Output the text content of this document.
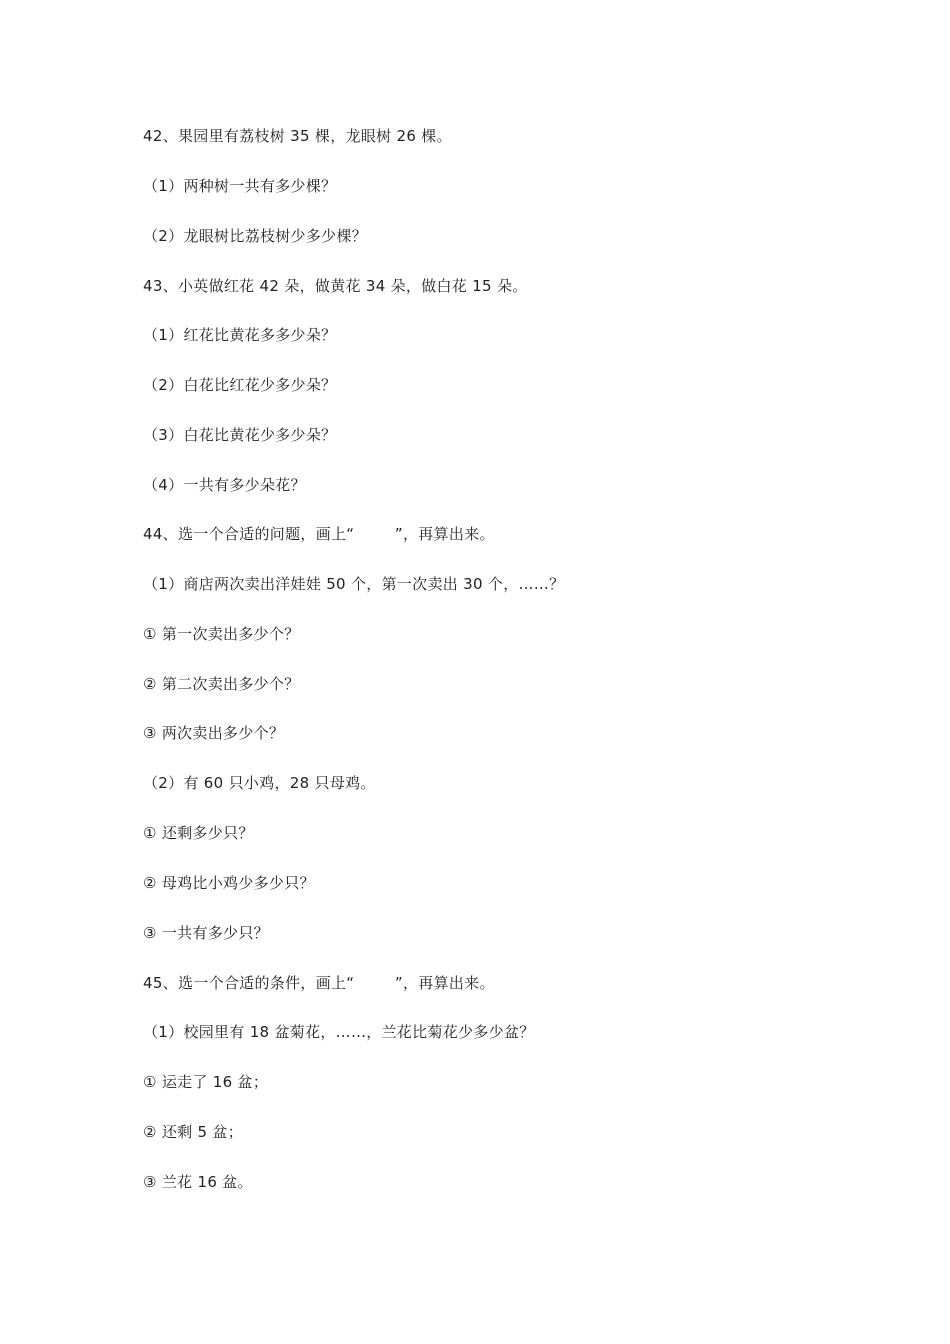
42、果园里有荔枝树 35 棵，龙眼树 26 棵。
（1）两种树一共有多少棵？
（2）龙眼树比荔枝树少多少棵？
43、小英做红花 42 朵，做黄花 34 朵，做白花 15 朵。
（1）红花比黄花多多少朵？
（2）白花比红花少多少朵？
（3）白花比黄花少多少朵？
（4）一共有多少朵花？
44、选一个合适的问题，画上“        ”，再算出来。
（1）商店两次卖出洋娃娃 50 个，第一次卖出 30 个，……？
① 第一次卖出多少个？
② 第二次卖出多少个？
③ 两次卖出多少个？
（2）有 60 只小鸡，28 只母鸡。
① 还剩多少只？
② 母鸡比小鸡少多少只？
③ 一共有多少只？
45、选一个合适的条件，画上“        ”，再算出来。
（1）校园里有 18 盆菊花，……，兰花比菊花少多少盆？
① 运走了 16 盆；
② 还剩 5 盆；
③ 兰花 16 盆。
